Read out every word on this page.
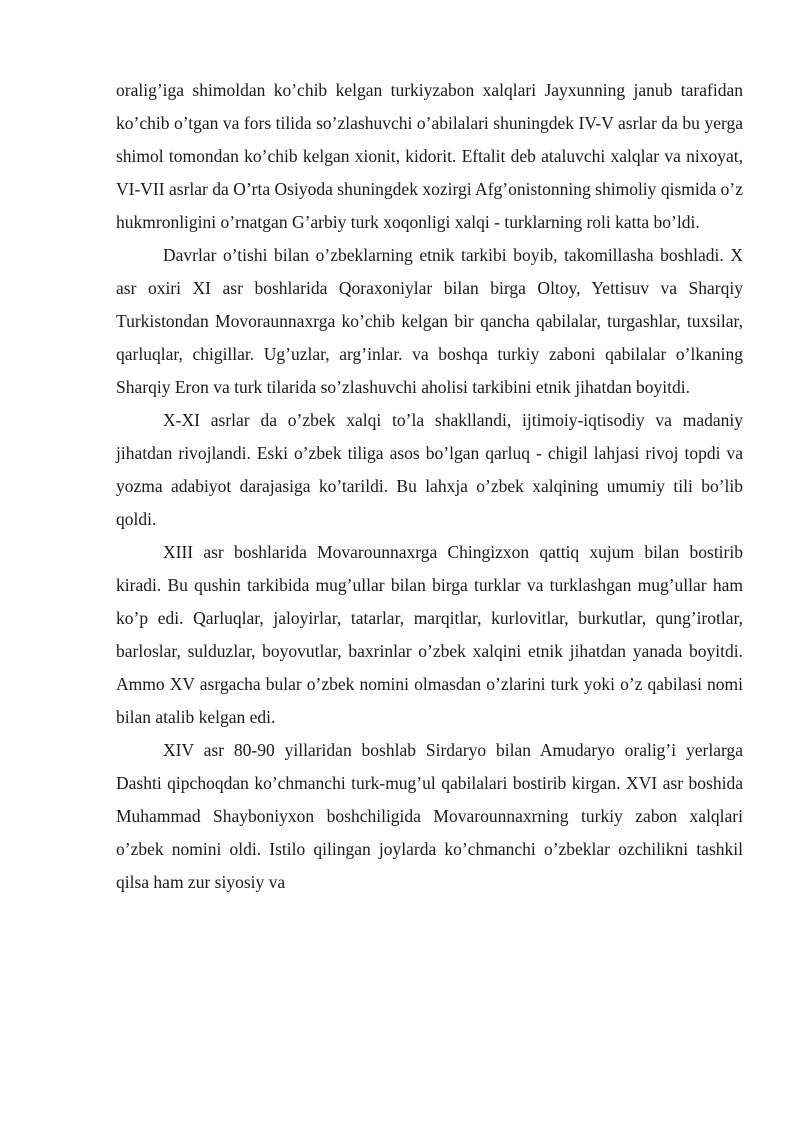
oralig’iga shimoldan ko’chib kelgan turkiyzabon xalqlari Jayxunning janub tarafidan ko’chib o’tgan va fors tilida so’zlashuvchi o’abilalari shuningdek IV-V asrlar da bu yerga shimol tomondan ko’chib kelgan xionit, kidorit. Eftalit deb ataluvchi xalqlar va nixoyat, VI-VII asrlar da O’rta Osiyoda shuningdek xozirgi Afg’onistonning shimoliy qismida o’z hukmronligini o’rnatgan G’arbiy turk xoqonligi xalqi - turklarning roli katta bo’ldi.

Davrlar o’tishi bilan o’zbeklarning etnik tarkibi boyib, takomillasha boshladi. X asr oxiri XI asr boshlarida Qoraxoniylar bilan birga Oltoy, Yettisuv va Sharqiy Turkistondan Movoraunnaxrga ko’chib kelgan bir qancha qabilalar, turgashlar, tuxsilar, qarluqlar, chigillar. Ug’uzlar, arg’inlar. va boshqa turkiy zaboni qabilalar o’lkaning Sharqiy Eron va turk tilarida so’zlashuvchi aholisi tarkibini etnik jihatdan boyitdi.

X-XI asrlar da o’zbek xalqi to’la shakllandi, ijtimoiy-iqtisodiy va madaniy jihatdan rivojlandi. Eski o’zbek tiliga asos bo’lgan qarluq - chigil lahjasi rivoj topdi va yozma adabiyot darajasiga ko’tarildi. Bu lahxja o’zbek xalqining umumiy tili bo’lib qoldi.

XIII asr boshlarida Movarounnaxrga Chingizxon qattiq xujum bilan bostirib kiradi. Bu qushin tarkibida mug’ullar bilan birga turklar va turklashgan mug’ullar ham ko’p edi. Qarluqlar, jaloyirlar, tatarlar, marqitlar, kurlovitlar, burkutlar, qung’irotlar, barloslar, sulduzlar, boyovutlar, baxrinlar o’zbek xalqini etnik jihatdan yanada boyitdi. Ammo XV asrgacha bular o’zbek nomini olmasdan o’zlarini turk yoki o’z qabilasi nomi bilan atalib kelgan edi.

XIV asr 80-90 yillaridan boshlab Sirdaryo bilan Amudaryo oralig’i yerlarga Dashti qipchoqdan ko’chmanchi turk-mug’ul qabilalari bostirib kirgan. XVI asr boshida Muhammad Shayboniyxon boshchiligida Movarounnaxrning turkiy zabon xalqlari o’zbek nomini oldi. Istilo qilingan joylarda ko’chmanchi o’zbeklar ozchilikni tashkil qilsa ham zur siyosiy va
